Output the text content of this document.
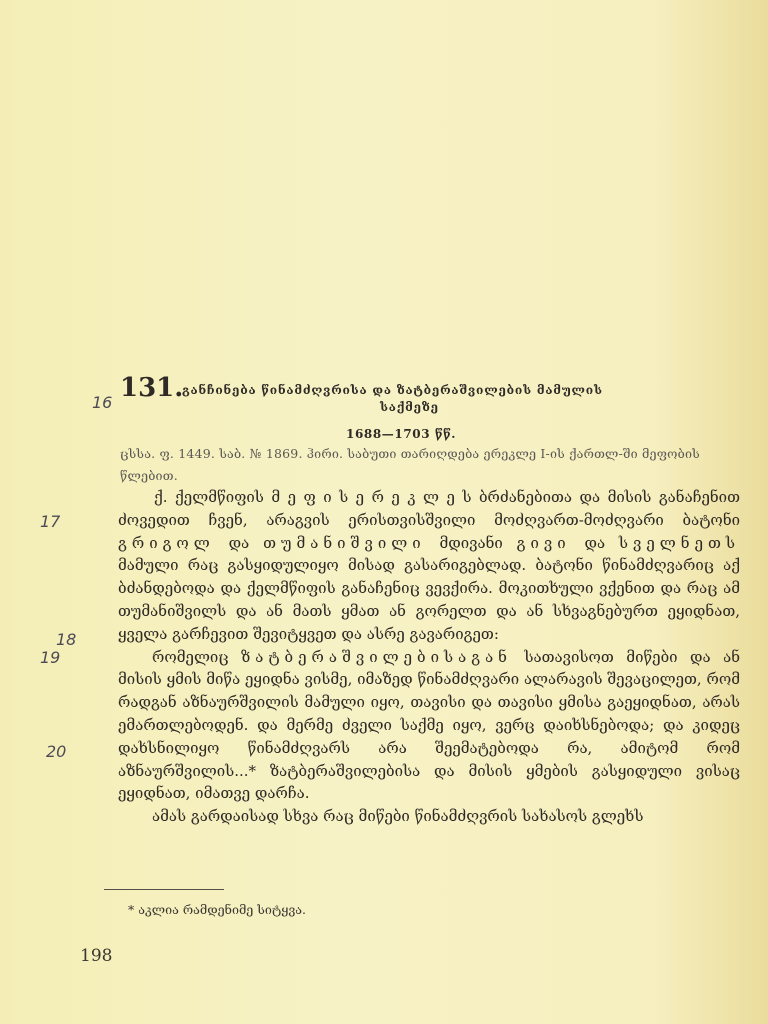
131.
განჩინება წინამძღვრისა და ზატბერაშვილების მამულის
საქმეზე
1688—1703 წწ.
ცსსა. ფ. 1449. საბ. № 1869. ჰირი. საბუთი თარიღდება ერეკლე I-ის ქართლ-ში მეფობის წლებით.

ქ. ქელმწიფის მ ე ფ ი ს ე რ ე კ ლ ე ს ბრძანებითა და მისის განაჩენით ძოვედით ჩვენ, არაგვის ერისთვისშვილი მოძღვართ-მოძღვარი ბატონი გრიგოლ და თუმანიშვილი მდივანი გივი და სველნეთს მამული რაც გასყიდულიყო მისად გასარიგებლად. ბატონი წინამძღვარიც აქ ბძანდებოდა და ქელმწიფის განაჩენიც ვევქირა. მოკითხული ვქენით და რაც ამ თუმანიშვილს და ან მათს ყმათ ან გორელთ და ან სხვაგნებურთ ეყიდნათ, ყველა გარჩევით შევიტყვეთ და ასრე გავარიგეთ:

რომელიც ზატბერაშვილებისაგან სათავისოთ მიწები და ან მისის ყმის მიწა ეყიდნა ვისმე, იმაზედ წინამძღვარი ალარავის შევაცილეთ, რომ რადგან აზნაურშვილის მამული იყო, თავისი და თავისი ყმისა გაეყიდნათ, არას ემართლებოდენ. და მერმე ძველი საქმე იყო, ვერც დაიხსნებოდა; და კიდეც დახსნილიყო წინამძღვარს არა შეემატებოდა რა, ამიტომ რომ აზნაურშვილის...* ზატბერაშვილებისა და მისის ყმების გასყიდული ვისაც ეყიდნათ, იმათვე დარჩა.

ამას გარდაისად სხვა რაც მიწები წინამძღვრის სახასოს გლეხს

* აკლია რამდენიმე სიტყვა.
198
16
17
18
19
20
